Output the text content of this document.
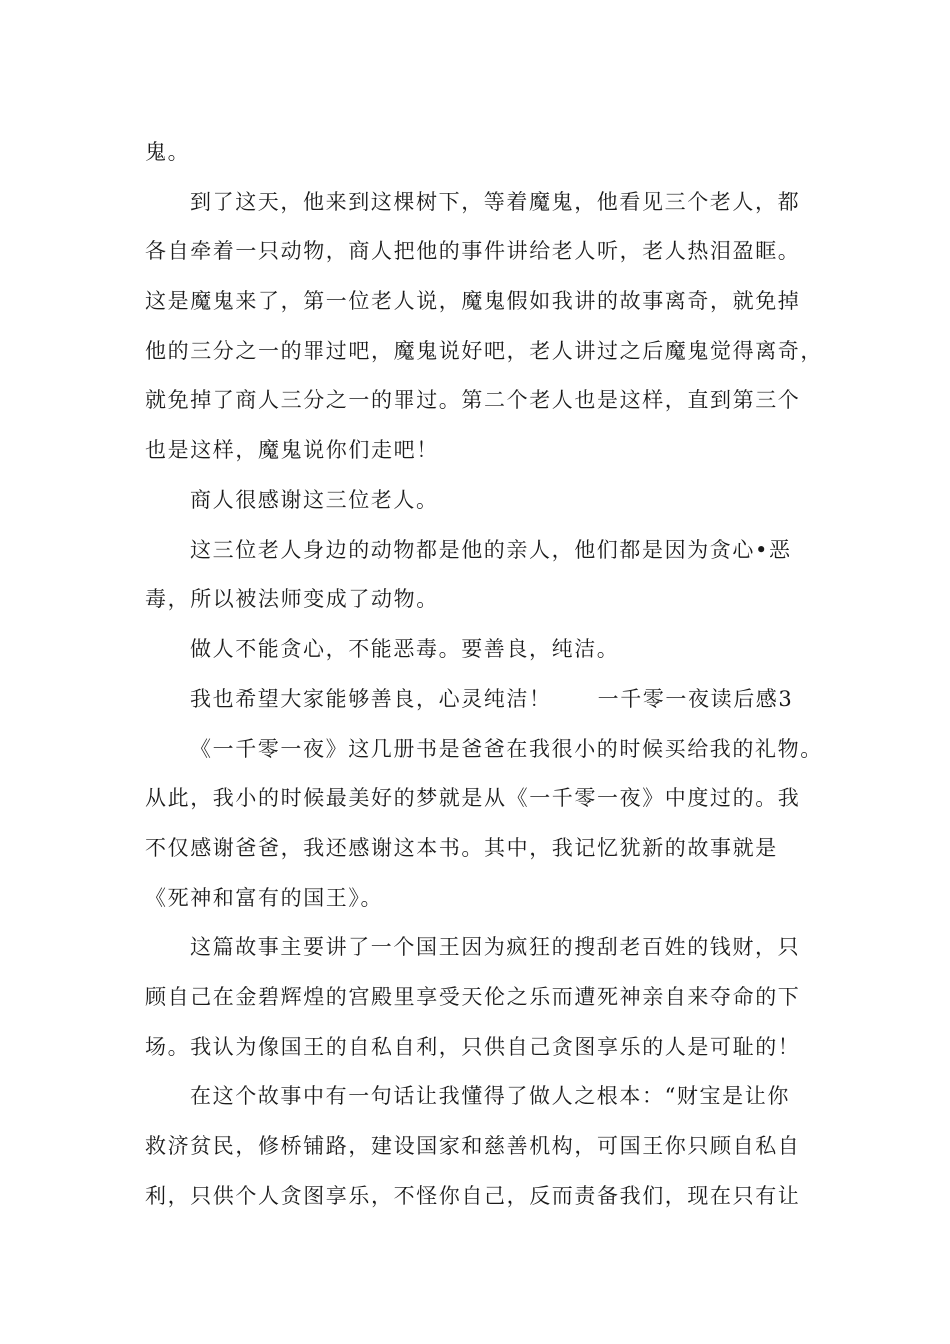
鬼。
到了这天，他来到这棵树下，等着魔鬼，他看见三个老人，都
各自牵着一只动物，商人把他的事件讲给老人听，老人热泪盈眶。
这是魔鬼来了，第一位老人说，魔鬼假如我讲的故事离奇，就免掉
他的三分之一的罪过吧，魔鬼说好吧，老人讲过之后魔鬼觉得离奇，
就免掉了商人三分之一的罪过。第二个老人也是这样，直到第三个
也是这样，魔鬼说你们走吧！
商人很感谢这三位老人。
这三位老人身边的动物都是他的亲人，他们都是因为贪心•恶
毒，所以被法师变成了动物。
做人不能贪心，不能恶毒。要善良，纯洁。
我也希望大家能够善良，心灵纯洁！ 一千零一夜读后感3
《一千零一夜》这几册书是爸爸在我很小的时候买给我的礼物。
从此，我小的时候最美好的梦就是从《一千零一夜》中度过的。我
不仅感谢爸爸，我还感谢这本书。其中，我记忆犹新的故事就是
《死神和富有的国王》。
这篇故事主要讲了一个国王因为疯狂的搜刮老百姓的钱财，只
顾自己在金碧辉煌的宫殿里享受天伦之乐而遭死神亲自来夺命的下
场。我认为像国王的自私自利，只供自己贪图享乐的人是可耻的！
在这个故事中有一句话让我懂得了做人之根本：“财宝是让你
救济贫民，修桥铺路，建设国家和慈善机构，可国王你只顾自私自
利，只供个人贪图享乐，不怪你自己，反而责备我们，现在只有让
